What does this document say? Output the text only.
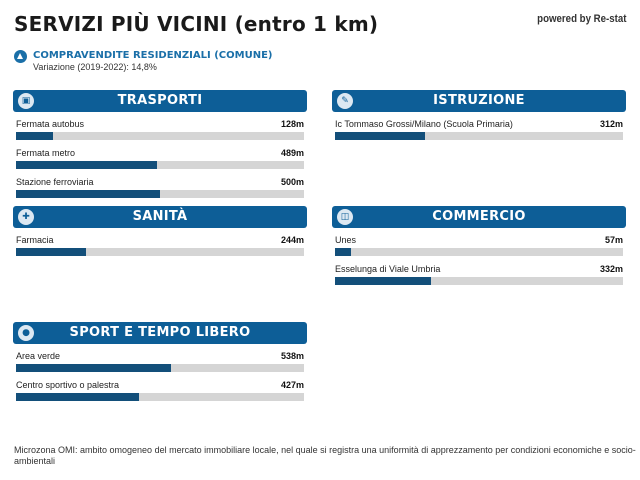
SERVIZI PIÙ VICINI (entro 1 km)	powered by Re-stat
COMPRAVENDITE RESIDENZIALI (COMUNE)
Variazione (2019-2022): 14,8%
▣	TRASPORTI
Fermata autobus	128m
Fermata metro	489m
Stazione ferroviaria	500m
✎	ISTRUZIONE
Ic Tommaso Grossi/Milano (Scuola Primaria)	312m
✚	SANITÀ
Farmacia	244m
◫	COMMERCIO
Unes	57m
Esselunga di Viale Umbria	332m
●	SPORT E TEMPO LIBERO
Area verde	538m
Centro sportivo o palestra	427m
Microzona OMI: ambito omogeneo del mercato immobiliare locale, nel quale si registra una uniformità di apprezzamento per condizioni economiche e socio-ambientali
